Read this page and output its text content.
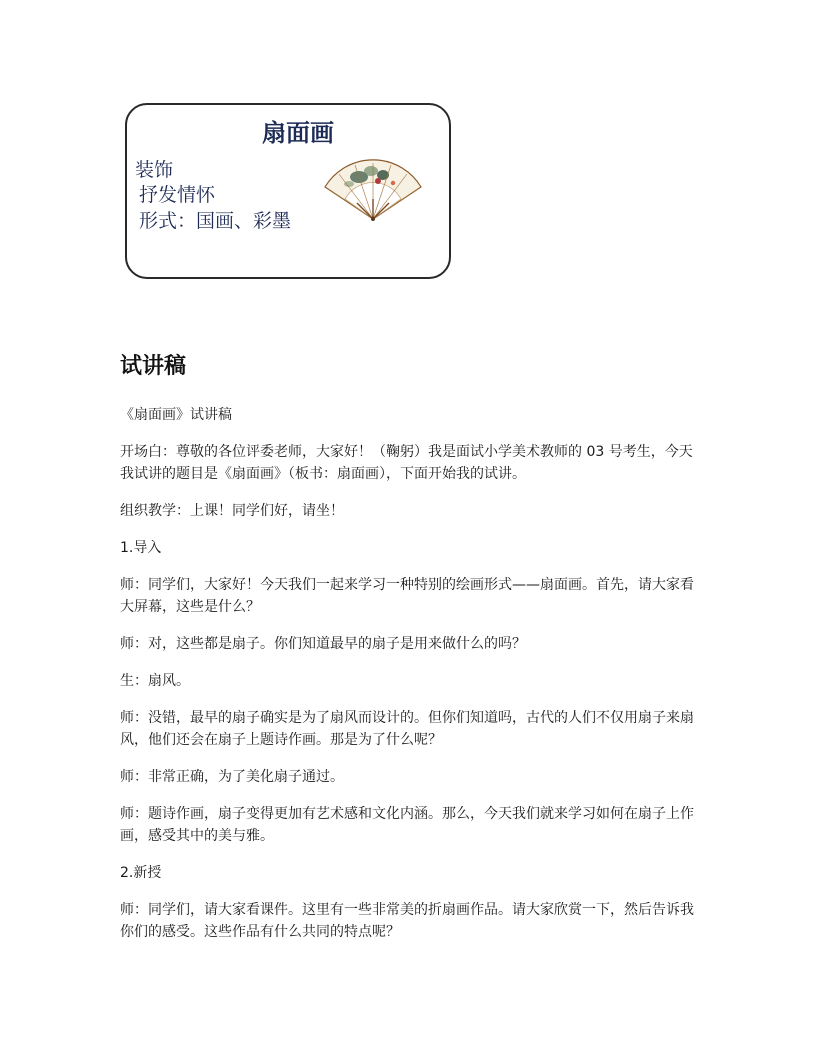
扇面画
装饰
抒发情怀
形式：国画、彩墨
试讲稿

《扇面画》试讲稿

开场白：尊敬的各位评委老师，大家好！（鞠躬）我是面试小学美术教师的 03 号考生，今天我试讲的题目是《扇面画》（板书：扇面画），下面开始我的试讲。

组织教学：上课！同学们好，请坐！

1.导入

师：同学们，大家好！今天我们一起来学习一种特别的绘画形式——扇面画。首先，请大家看大屏幕，这些是什么？

师：对，这些都是扇子。你们知道最早的扇子是用来做什么的吗？

生：扇风。

师：没错，最早的扇子确实是为了扇风而设计的。但你们知道吗，古代的人们不仅用扇子来扇风，他们还会在扇子上题诗作画。那是为了什么呢？

师：非常正确，为了美化扇子通过。

师：题诗作画，扇子变得更加有艺术感和文化内涵。那么，今天我们就来学习如何在扇子上作画，感受其中的美与雅。

2.新授

师：同学们，请大家看课件。这里有一些非常美的折扇画作品。请大家欣赏一下，然后告诉我你们的感受。这些作品有什么共同的特点呢？
